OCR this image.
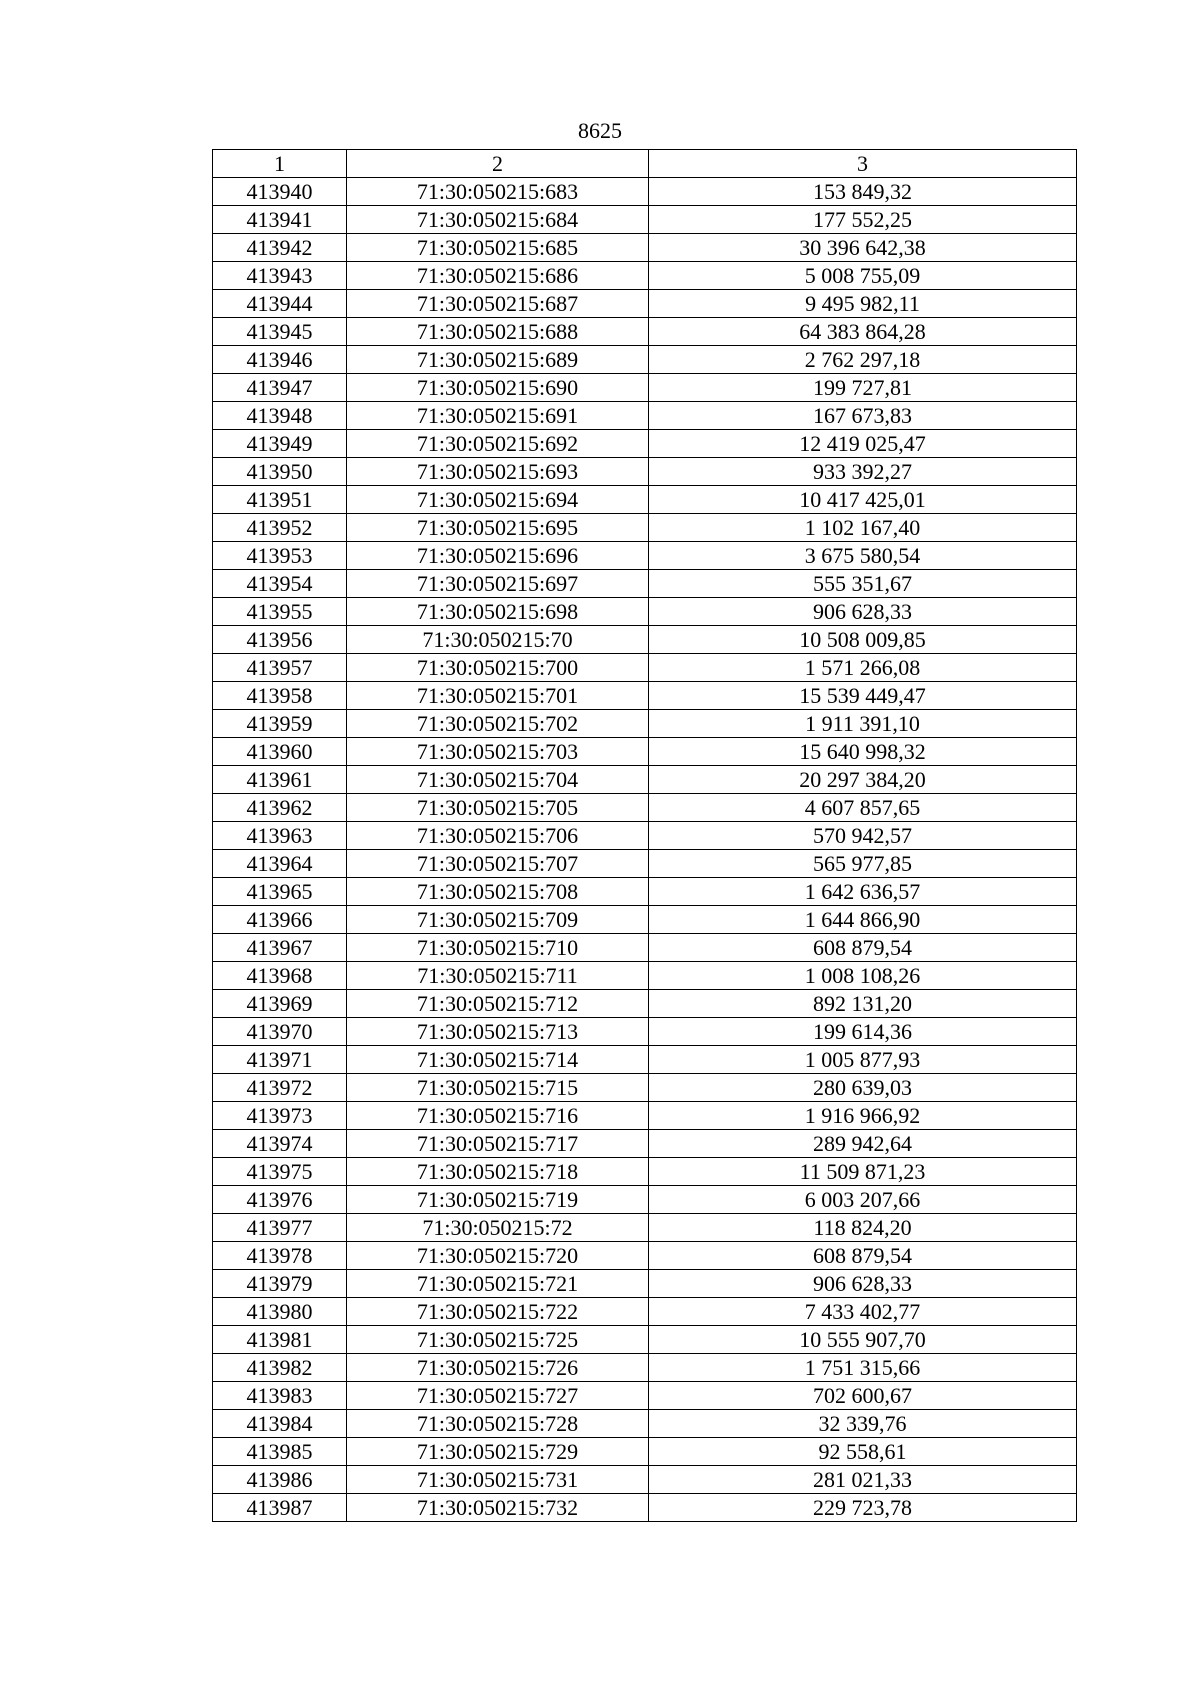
8625
1	2	3
413940	71:30:050215:683	153 849,32
413941	71:30:050215:684	177 552,25
413942	71:30:050215:685	30 396 642,38
413943	71:30:050215:686	5 008 755,09
413944	71:30:050215:687	9 495 982,11
413945	71:30:050215:688	64 383 864,28
413946	71:30:050215:689	2 762 297,18
413947	71:30:050215:690	199 727,81
413948	71:30:050215:691	167 673,83
413949	71:30:050215:692	12 419 025,47
413950	71:30:050215:693	933 392,27
413951	71:30:050215:694	10 417 425,01
413952	71:30:050215:695	1 102 167,40
413953	71:30:050215:696	3 675 580,54
413954	71:30:050215:697	555 351,67
413955	71:30:050215:698	906 628,33
413956	71:30:050215:70	10 508 009,85
413957	71:30:050215:700	1 571 266,08
413958	71:30:050215:701	15 539 449,47
413959	71:30:050215:702	1 911 391,10
413960	71:30:050215:703	15 640 998,32
413961	71:30:050215:704	20 297 384,20
413962	71:30:050215:705	4 607 857,65
413963	71:30:050215:706	570 942,57
413964	71:30:050215:707	565 977,85
413965	71:30:050215:708	1 642 636,57
413966	71:30:050215:709	1 644 866,90
413967	71:30:050215:710	608 879,54
413968	71:30:050215:711	1 008 108,26
413969	71:30:050215:712	892 131,20
413970	71:30:050215:713	199 614,36
413971	71:30:050215:714	1 005 877,93
413972	71:30:050215:715	280 639,03
413973	71:30:050215:716	1 916 966,92
413974	71:30:050215:717	289 942,64
413975	71:30:050215:718	11 509 871,23
413976	71:30:050215:719	6 003 207,66
413977	71:30:050215:72	118 824,20
413978	71:30:050215:720	608 879,54
413979	71:30:050215:721	906 628,33
413980	71:30:050215:722	7 433 402,77
413981	71:30:050215:725	10 555 907,70
413982	71:30:050215:726	1 751 315,66
413983	71:30:050215:727	702 600,67
413984	71:30:050215:728	32 339,76
413985	71:30:050215:729	92 558,61
413986	71:30:050215:731	281 021,33
413987	71:30:050215:732	229 723,78
